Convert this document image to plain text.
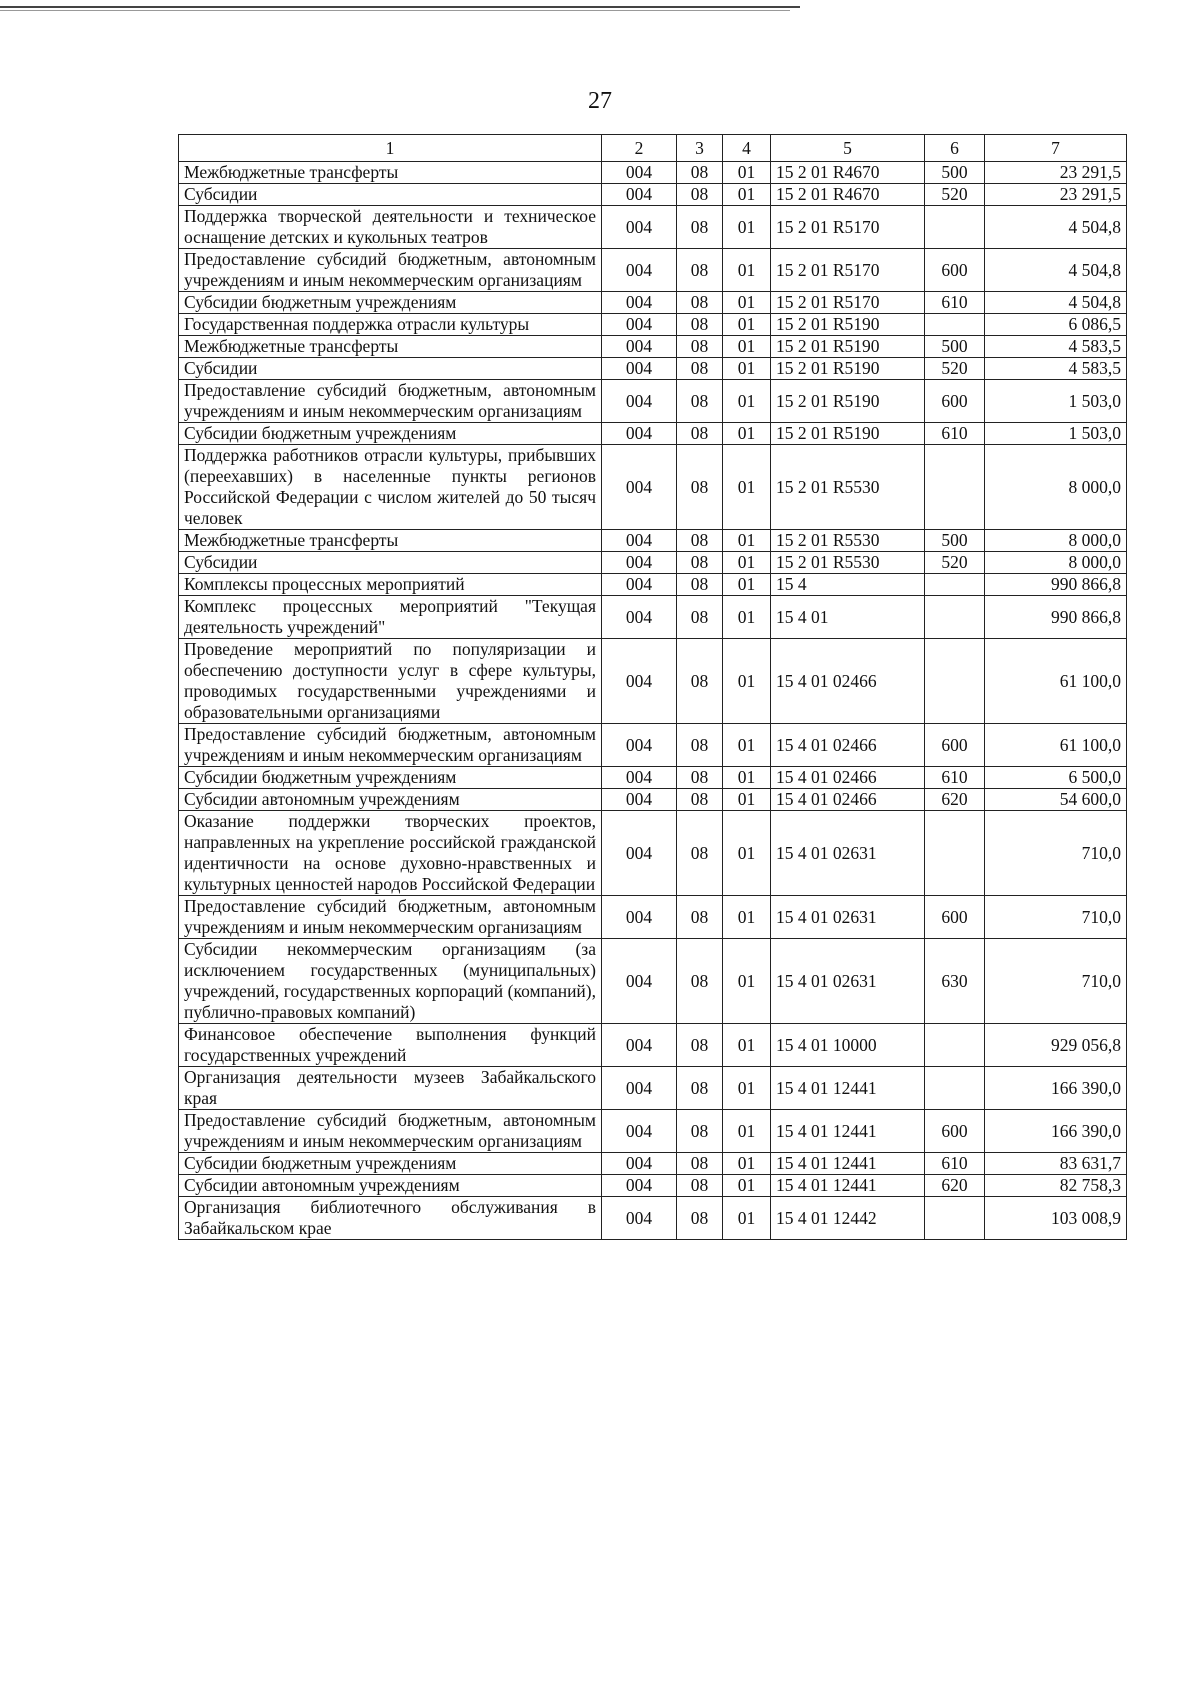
27
1	2	3	4	5	6	7
Межбюджетные трансферты	004	08	01	15 2 01 R4670	500	23 291,5
Субсидии	004	08	01	15 2 01 R4670	520	23 291,5
Поддержка творческой деятельности и техническое оснащение детских и кукольных театров	004	08	01	15 2 01 R5170		4 504,8
Предоставление субсидий бюджетным, автономным учреждениям и иным некоммерческим организациям	004	08	01	15 2 01 R5170	600	4 504,8
Субсидии бюджетным учреждениям	004	08	01	15 2 01 R5170	610	4 504,8
Государственная поддержка отрасли культуры	004	08	01	15 2 01 R5190		6 086,5
Межбюджетные трансферты	004	08	01	15 2 01 R5190	500	4 583,5
Субсидии	004	08	01	15 2 01 R5190	520	4 583,5
Предоставление субсидий бюджетным, автономным учреждениям и иным некоммерческим организациям	004	08	01	15 2 01 R5190	600	1 503,0
Субсидии бюджетным учреждениям	004	08	01	15 2 01 R5190	610	1 503,0
Поддержка работников отрасли культуры, прибывших (переехавших) в населенные пункты регионов Российской Федерации с числом жителей до 50 тысяч человек	004	08	01	15 2 01 R5530		8 000,0
Межбюджетные трансферты	004	08	01	15 2 01 R5530	500	8 000,0
Субсидии	004	08	01	15 2 01 R5530	520	8 000,0
Комплексы процессных мероприятий	004	08	01	15 4		990 866,8
Комплекс процессных мероприятий "Текущая деятельность учреждений"	004	08	01	15 4 01		990 866,8
Проведение мероприятий по популяризации и обеспечению доступности услуг в сфере культуры, проводимых государственными учреждениями и образовательными организациями	004	08	01	15 4 01 02466		61 100,0
Предоставление субсидий бюджетным, автономным учреждениям и иным некоммерческим организациям	004	08	01	15 4 01 02466	600	61 100,0
Субсидии бюджетным учреждениям	004	08	01	15 4 01 02466	610	6 500,0
Субсидии автономным учреждениям	004	08	01	15 4 01 02466	620	54 600,0
Оказание поддержки творческих проектов, направленных на укрепление российской гражданской идентичности на основе духовно-нравственных и культурных ценностей народов Российской Федерации	004	08	01	15 4 01 02631		710,0
Предоставление субсидий бюджетным, автономным учреждениям и иным некоммерческим организациям	004	08	01	15 4 01 02631	600	710,0
Субсидии некоммерческим организациям (за исключением государственных (муниципальных) учреждений, государственных корпораций (компаний), публично-правовых компаний)	004	08	01	15 4 01 02631	630	710,0
Финансовое обеспечение выполнения функций государственных учреждений	004	08	01	15 4 01 10000		929 056,8
Организация деятельности музеев Забайкальского края	004	08	01	15 4 01 12441		166 390,0
Предоставление субсидий бюджетным, автономным учреждениям и иным некоммерческим организациям	004	08	01	15 4 01 12441	600	166 390,0
Субсидии бюджетным учреждениям	004	08	01	15 4 01 12441	610	83 631,7
Субсидии автономным учреждениям	004	08	01	15 4 01 12441	620	82 758,3
Организация библиотечного обслуживания в Забайкальском крае	004	08	01	15 4 01 12442		103 008,9
